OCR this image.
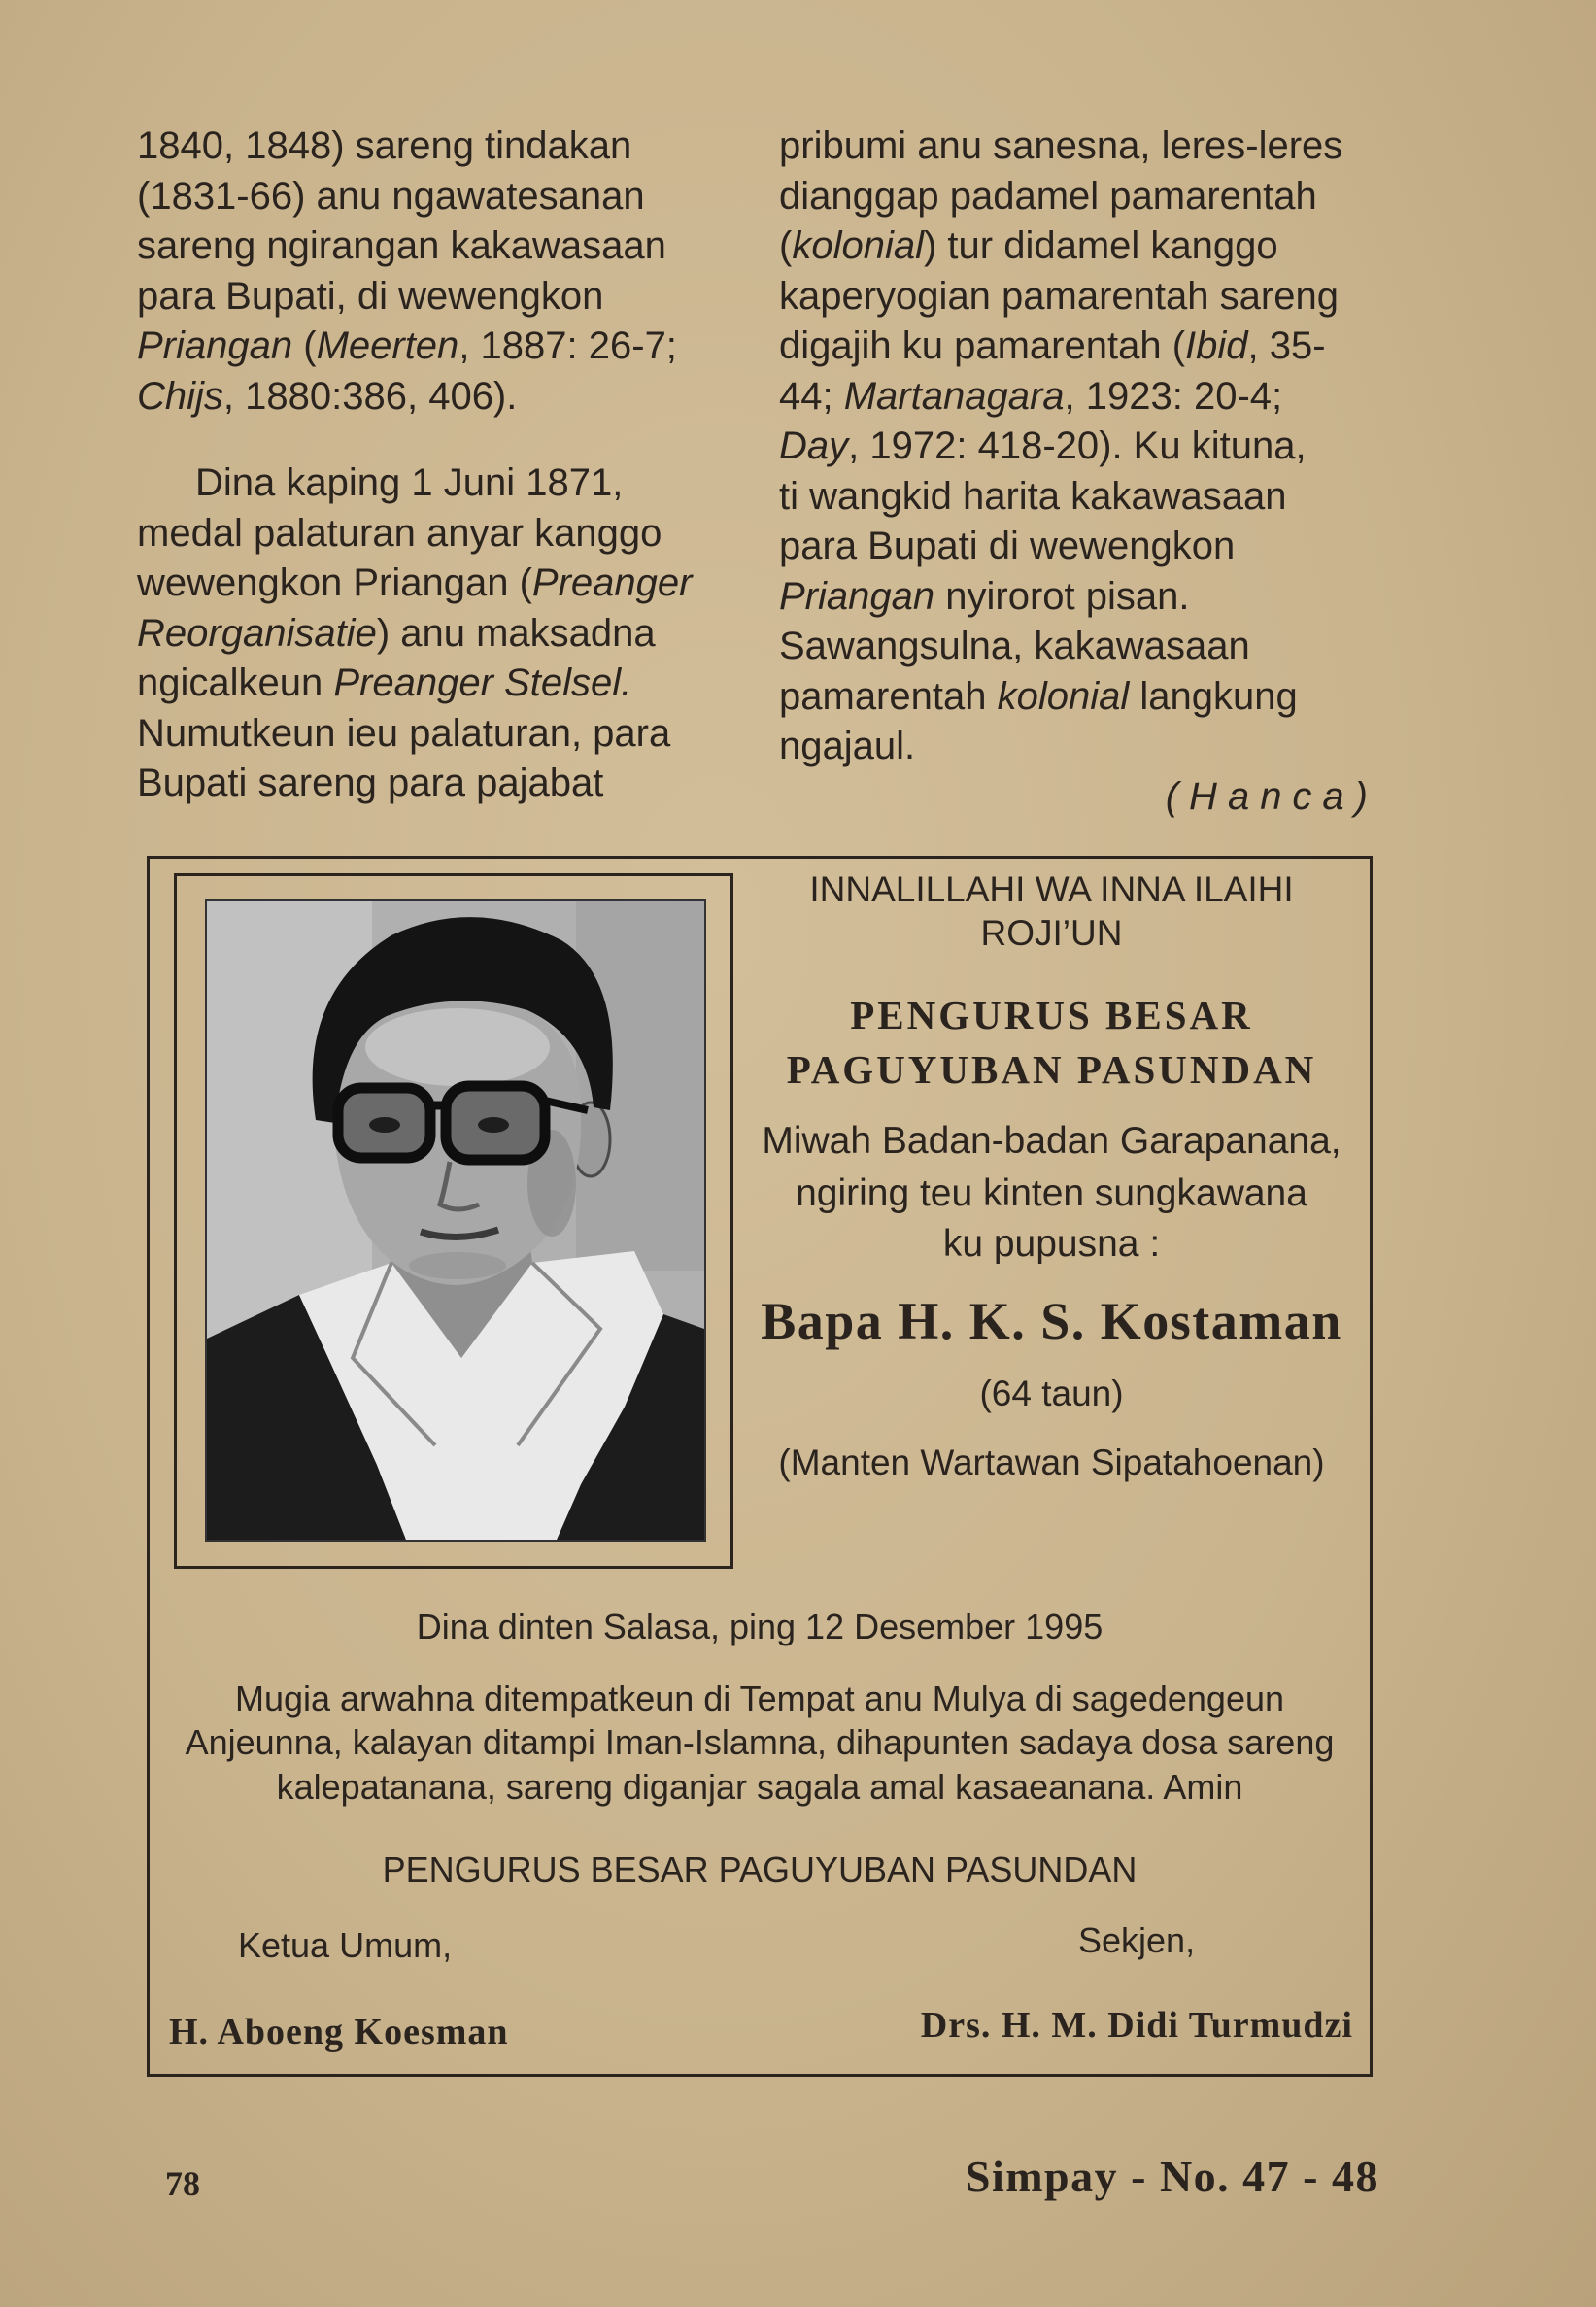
1840, 1848) sareng tindakan
(1831-66) anu ngawatesanan
sareng ngirangan kakawasaan
para Bupati, di wewengkon
Priangan (Meerten, 1887: 26-7;
Chijs, 1880:386, 406).
Dina kaping 1 Juni 1871,
medal palaturan anyar kanggo
wewengkon Priangan (Preanger
Reorganisatie) anu maksadna
ngicalkeun Preanger Stelsel.
Numutkeun ieu palaturan, para
Bupati sareng para pajabat
pribumi anu sanesna, leres-leres
dianggap padamel pamarentah
(kolonial) tur didamel kanggo
kaperyogian pamarentah sareng
digajih ku pamarentah (Ibid, 35-
44; Martanagara, 1923: 20-4;
Day, 1972: 418-20). Ku kituna,
ti wangkid harita kakawasaan
para Bupati di wewengkon
Priangan nyirorot pisan.
Sawangsulna, kakawasaan
pamarentah kolonial langkung
ngajaul.
(Hanca)
INNALILLAHI WA INNA ILAIHI
ROJI’UN
PENGURUS BESAR
PAGUYUBAN PASUNDAN
Miwah Badan-badan Garapanana,
ngiring teu kinten sungkawana
ku pupusna :
Bapa H. K. S. Kostaman
(64 taun)
(Manten Wartawan Sipatahoenan)
Dina dinten Salasa, ping 12 Desember 1995
Mugia arwahna ditempatkeun di Tempat anu Mulya di sagedengeun
Anjeunna, kalayan ditampi Iman-Islamna, dihapunten sadaya dosa sareng
kalepatanana, sareng diganjar sagala amal kasaeanana. Amin
PENGURUS BESAR PAGUYUBAN PASUNDAN
Ketua Umum,	Sekjen,
H. Aboeng Koesman	Drs. H. M. Didi Turmudzi
78	Simpay - No. 47 - 48
